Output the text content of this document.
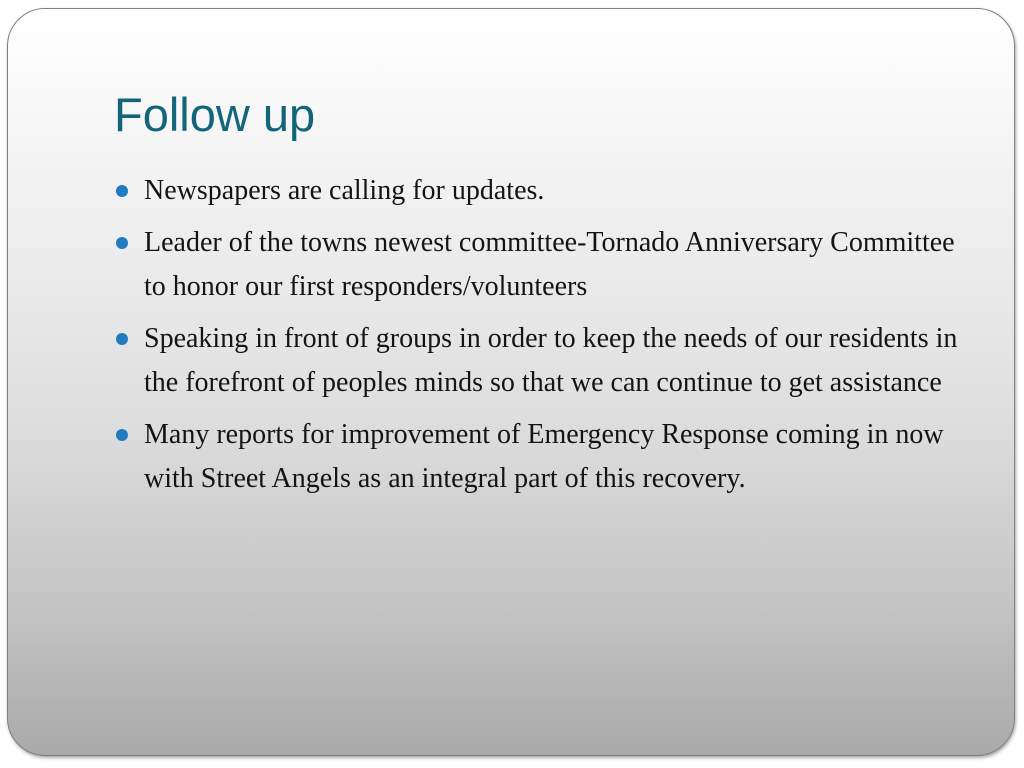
Follow up
Newspapers are calling for updates.
Leader of the towns newest committee-Tornado Anniversary Committee to honor our first responders/volunteers
Speaking in front of groups in order to keep the needs of our residents in the forefront of peoples minds so that we can continue to get assistance
Many reports for improvement of Emergency Response coming in now with Street Angels as an integral part of this recovery.
